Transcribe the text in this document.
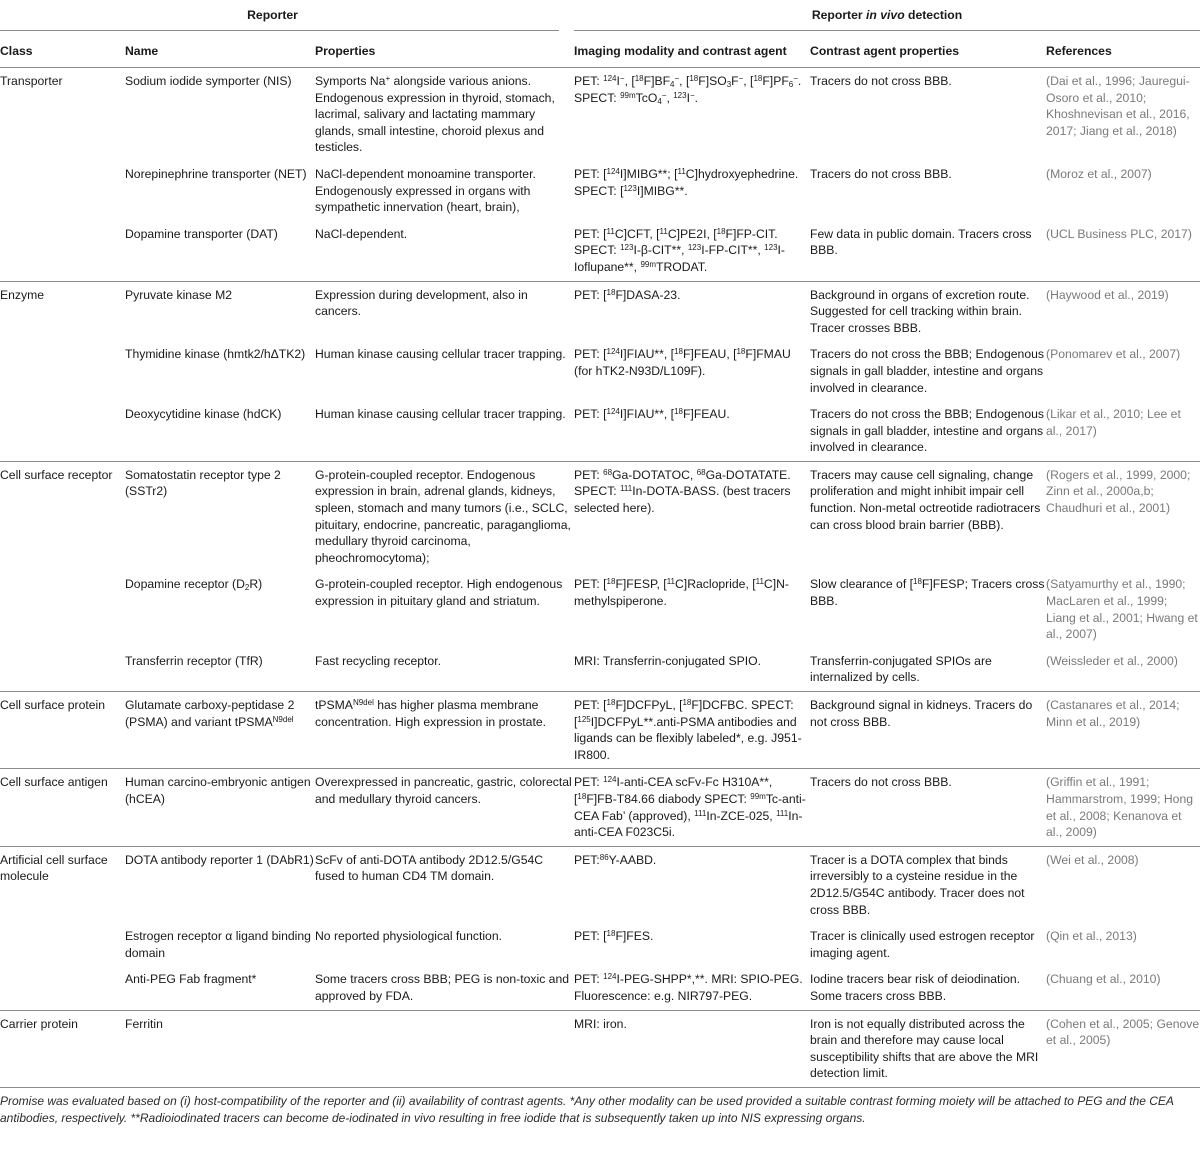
Reporter				Reporter in vivo detection		
Class	Name	Properties		Imaging modality and contrast agent	Contrast agent properties	References
Transporter	Sodium iodide symporter (NIS)	Symports Na+ alongside various anions. Endogenous expression in thyroid, stomach, lacrimal, salivary and lactating mammary glands, small intestine, choroid plexus and testicles.		PET: $^{124}$I−, $[^{18}F]BF_4^-$, $[^{18}F]SO_3F^-$, $[^{18}F]PF_6^-$. SPECT: $^{99m}$TcO$_4$−, $^{123}$I−.	Tracers do not cross BBB.	(Dai et al., 1996; Jauregui-Osoro et al., 2010; Khoshnevisan et al., 2016, 2017; Jiang et al., 2018)
	Norepinephrine transporter (NET)	NaCl-dependent monoamine transporter. Endogenously expressed in organs with sympathetic innervation (heart, brain),		PET: [$^{124}$I]MIBG**; [$^{11}$C]hydroxyephedrine. SPECT: [$^{123}$I]MIBG**.	Tracers do not cross BBB.	(Moroz et al., 2007)
	Dopamine transporter (DAT)	NaCl-dependent.		PET: [$^{11}$C]CFT, [$^{11}$C]PE2I, [$^{18}$F]FP-CIT. SPECT: $^{123}$I-β-CIT**, $^{123}$I-FP-CIT**, $^{123}$I-Ioflupane**, $^{99m}$TRODAT.	Few data in public domain. Tracers cross BBB.	(UCL Business PLC, 2017)
Enzyme	Pyruvate kinase M2	Expression during development, also in cancers.		PET: [$^{18}$F]DASA-23.	Background in organs of excretion route. Suggested for cell tracking within brain. Tracer crosses BBB.	(Haywood et al., 2019)
	Thymidine kinase (hmtk2/hΔTK2)	Human kinase causing cellular tracer trapping.		PET: [$^{124}$I]FIAU**, [$^{18}$F]FEAU, [$^{18}$F]FMAU (for hTK2-N93D/L109F).	Tracers do not cross the BBB; Endogenous signals in gall bladder, intestine and organs involved in clearance.	(Ponomarev et al., 2007)
	Deoxycytidine kinase (hdCK)	Human kinase causing cellular tracer trapping.		PET: [$^{124}$I]FIAU**, [$^{18}$F]FEAU.	Tracers do not cross the BBB; Endogenous signals in gall bladder, intestine and organs involved in clearance.	(Likar et al., 2010; Lee et al., 2017)
Cell surface receptor	Somatostatin receptor type 2 (SSTr2)	G-protein-coupled receptor. Endogenous expression in brain, adrenal glands, kidneys, spleen, stomach and many tumors (i.e., SCLC, pituitary, endocrine, pancreatic, paraganglioma, medullary thyroid carcinoma, pheochromocytoma);		PET: $^{68}$Ga-DOTATOC, $^{68}$Ga-DOTATATE. SPECT: $^{111}$In-DOTA-BASS. (best tracers selected here).	Tracers may cause cell signaling, change proliferation and might inhibit impair cell function. Non-metal octreotide radiotracers can cross blood brain barrier (BBB).	(Rogers et al., 1999, 2000; Zinn et al., 2000a,b; Chaudhuri et al., 2001)
	Dopamine receptor $(D_2R)$	G-protein-coupled receptor. High endogenous expression in pituitary gland and striatum.		PET: [$^{18}$F]FESP, [$^{11}$C]Raclopride, [$^{11}$C]N-methylspiperone.	Slow clearance of [$^{18}$F]FESP; Tracers cross BBB.	(Satyamurthy et al., 1990; MacLaren et al., 1999; Liang et al., 2001; Hwang et al., 2007)
	Transferrin receptor (TfR)	Fast recycling receptor.		MRI: Transferrin-conjugated SPIO.	Transferrin-conjugated SPIOs are internalized by cells.	(Weissleder et al., 2000)
Cell surface protein	Glutamate carboxy-peptidase 2 (PSMA) and variant tPSMA$^{N9del}$	tPSMA$^{N9del}$ has higher plasma membrane concentration. High expression in prostate.		PET: [$^{18}$F]DCFPyL, [$^{18}$F]DCFBC. SPECT: [$^{125}$I]DCFPyL**.anti-PSMA antibodies and ligands can be flexibly labeled*, e.g. J951-IR800.	Background signal in kidneys. Tracers do not cross BBB.	(Castanares et al., 2014; Minn et al., 2019)
Cell surface antigen	Human carcino-embryonic antigen (hCEA)	Overexpressed in pancreatic, gastric, colorectal and medullary thyroid cancers.		PET: $^{124}$I-anti-CEA scFv-Fc H310A**, [$^{18}$F]FB-T84.66 diabody SPECT: $^{99m}$Tc-anti-CEA Fab’ (approved), $^{111}$In-ZCE-025, $^{111}$In-anti-CEA F023C5i.	Tracers do not cross BBB.	(Griffin et al., 1991; Hammarstrom, 1999; Hong et al., 2008; Kenanova et al., 2009)
Artificial cell surface molecule	DOTA antibody reporter 1 (DAbR1)	ScFv of anti-DOTA antibody 2D12.5/G54C fused to human CD4 TM domain.		PET:$^{86}$Y-AABD.	Tracer is a DOTA complex that binds irreversibly to a cysteine residue in the 2D12.5/G54C antibody. Tracer does not cross BBB.	(Wei et al., 2008)
	Estrogen receptor α ligand binding domain	No reported physiological function.		PET: [$^{18}$F]FES.	Tracer is clinically used estrogen receptor imaging agent.	(Qin et al., 2013)
	Anti-PEG Fab fragment*	Some tracers cross BBB; PEG is non-toxic and approved by FDA.		PET: $^{124}$I-PEG-SHPP*,**. MRI: SPIO-PEG. Fluorescence: e.g. NIR797-PEG.	Iodine tracers bear risk of deiodination. Some tracers cross BBB.	(Chuang et al., 2010)
Carrier protein	Ferritin			MRI: iron.	Iron is not equally distributed across the brain and therefore may cause local susceptibility shifts that are above the MRI detection limit.	(Cohen et al., 2005; Genove et al., 2005)
Promise was evaluated based on (i) host-compatibility of the reporter and (ii) availability of contrast agents. *Any other modality can be used provided a suitable contrast forming moiety will be attached to PEG and the CEA antibodies, respectively. **Radioiodinated tracers can become de-iodinated in vivo resulting in free iodide that is subsequently taken up into NIS expressing organs.
